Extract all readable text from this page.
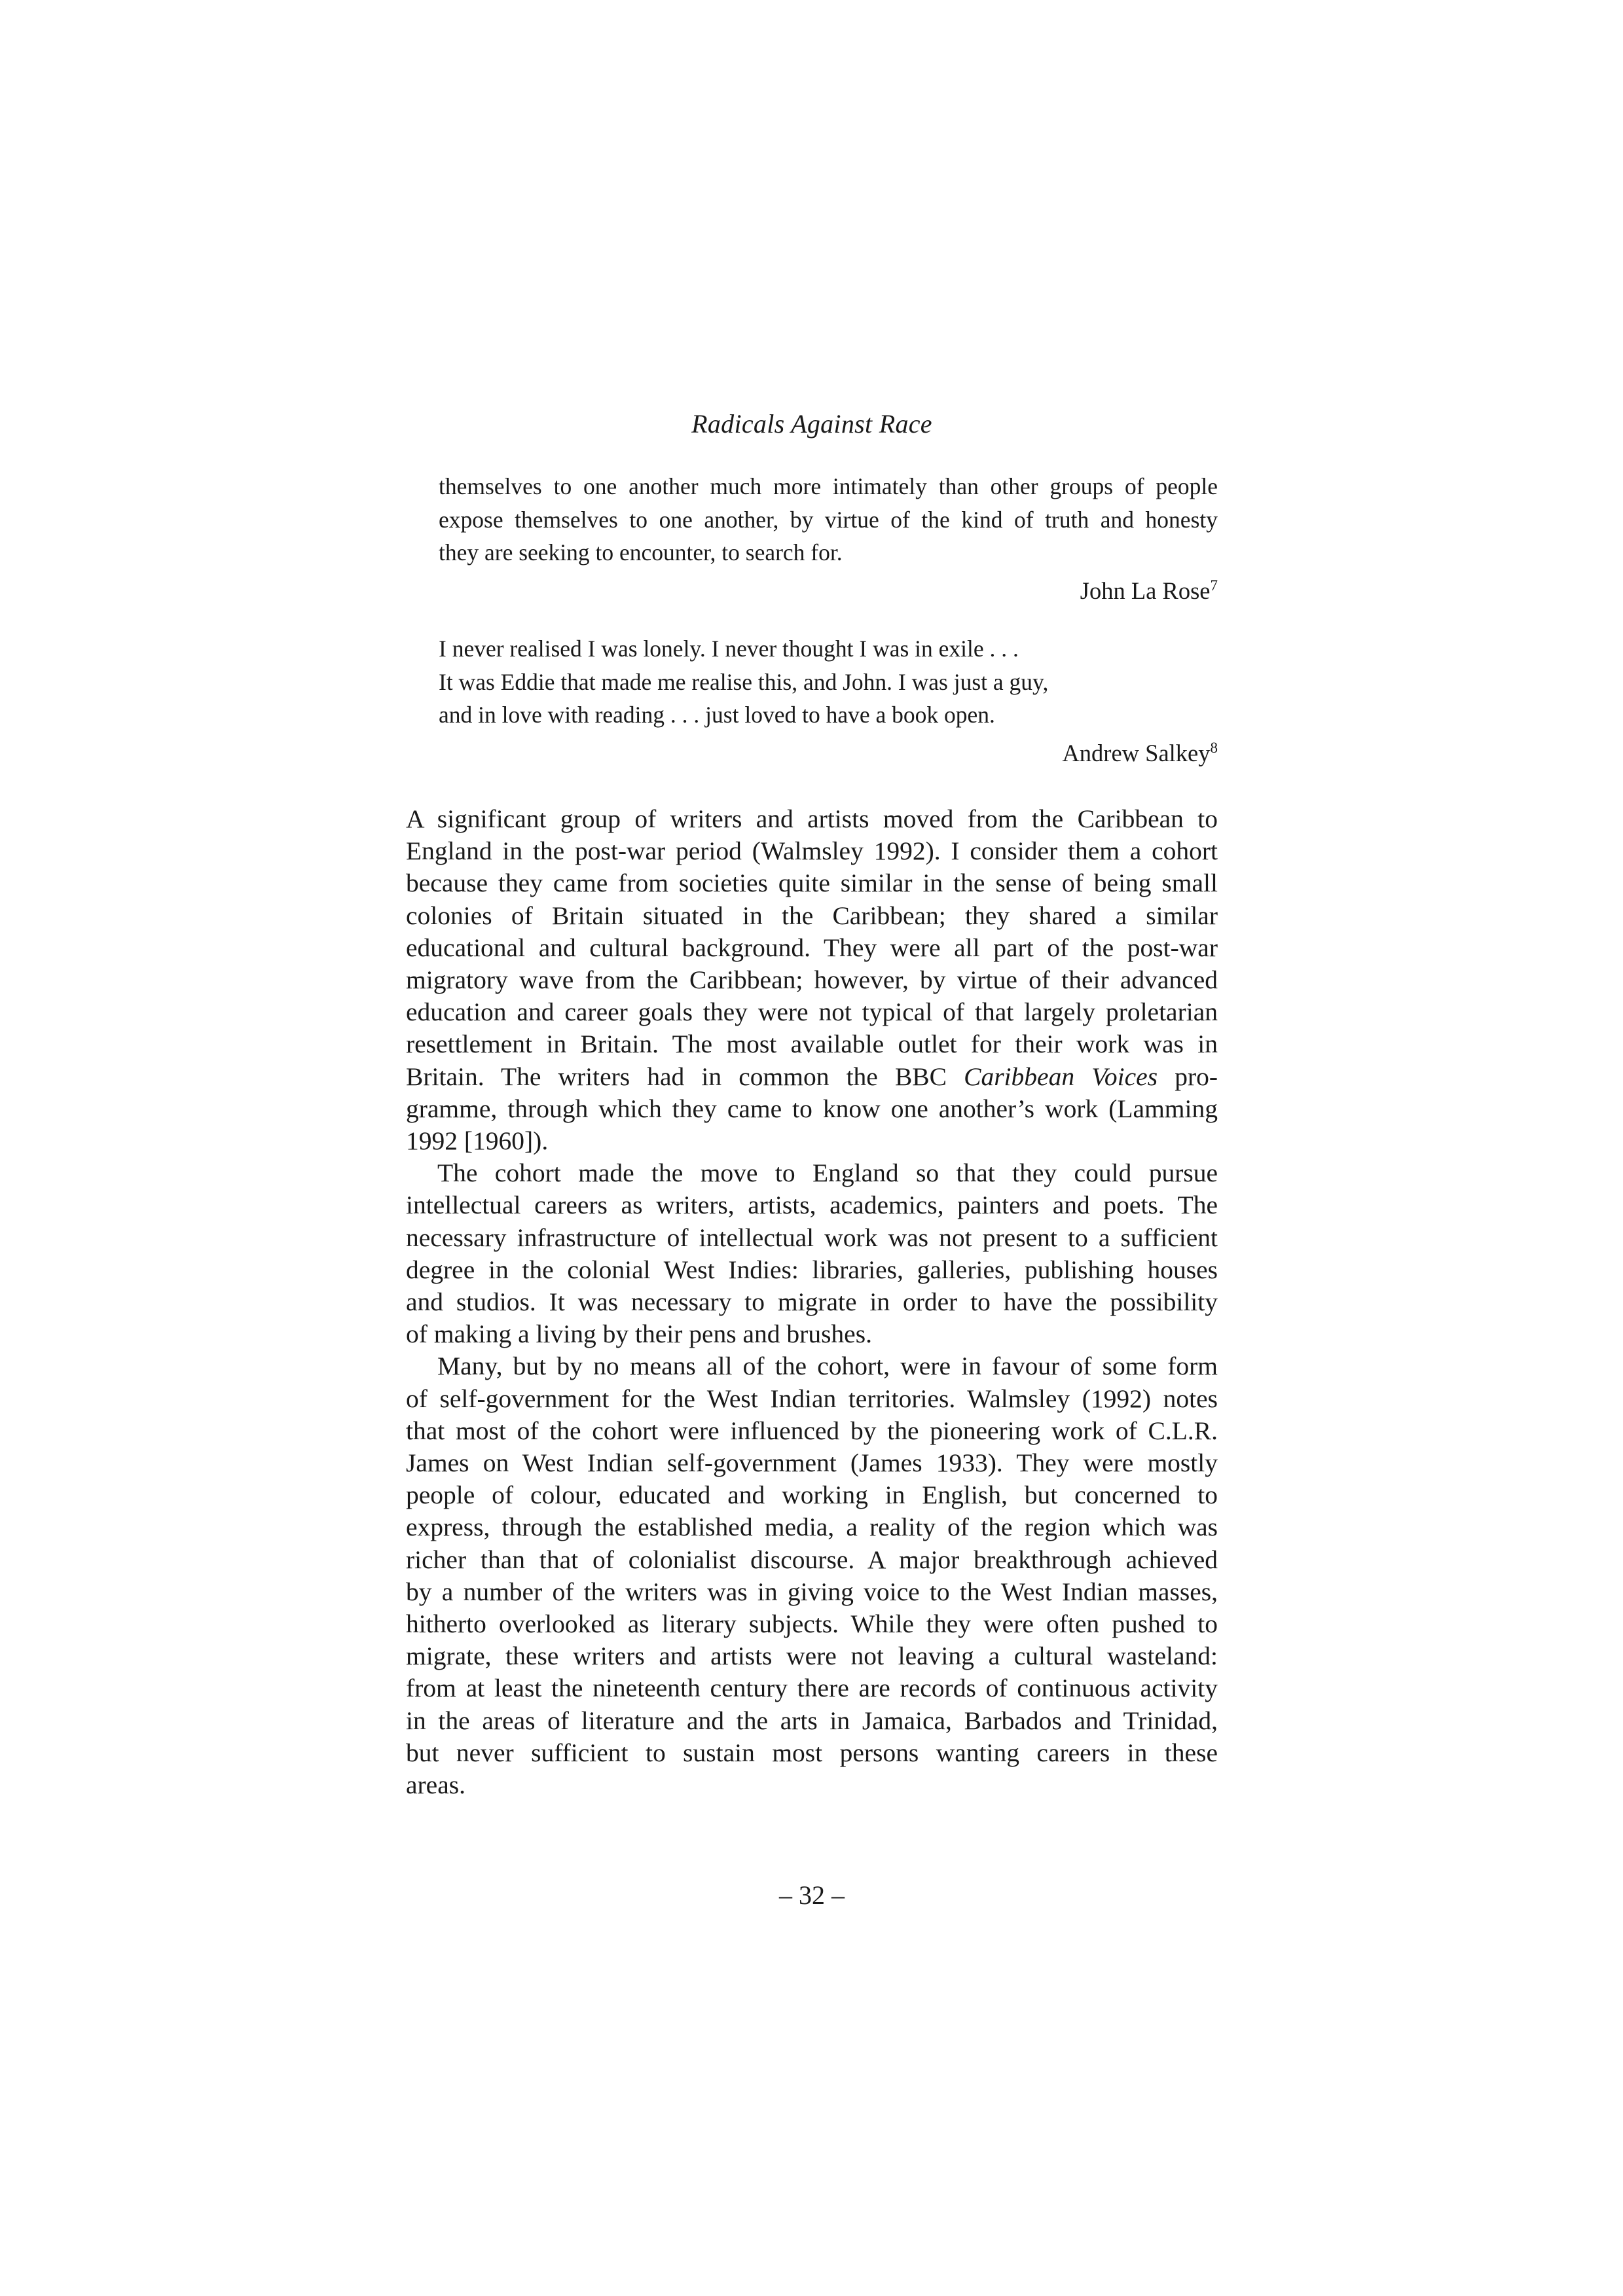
Radicals Against Race

themselves to one another much more intimately than other groups of people
expose themselves to one another, by virtue of the kind of truth and honesty
they are seeking to encounter, to search for.

John La Rose$^7$

I never realised I was lonely. I never thought I was in exile . . .
It was Eddie that made me realise this, and John. I was just a guy,
and in love with reading . . . just loved to have a book open.

Andrew Salkey$^8$

A significant group of writers and artists moved from the Caribbean to
England in the post-war period (Walmsley 1992). I consider them a cohort
because they came from societies quite similar in the sense of being small
colonies of Britain situated in the Caribbean; they shared a similar
educational and cultural background. They were all part of the post-war
migratory wave from the Caribbean; however, by virtue of their advanced
education and career goals they were not typical of that largely proletarian
resettlement in Britain. The most available outlet for their work was in
Britain. The writers had in common the BBC Caribbean Voices pro-
gramme, through which they came to know one another’s work (Lamming
1992 [1960]).

The cohort made the move to England so that they could pursue
intellectual careers as writers, artists, academics, painters and poets. The
necessary infrastructure of intellectual work was not present to a sufficient
degree in the colonial West Indies: libraries, galleries, publishing houses
and studios. It was necessary to migrate in order to have the possibility
of making a living by their pens and brushes.

Many, but by no means all of the cohort, were in favour of some form
of self-government for the West Indian territories. Walmsley (1992) notes
that most of the cohort were influenced by the pioneering work of C.L.R.
James on West Indian self-government (James 1933). They were mostly
people of colour, educated and working in English, but concerned to
express, through the established media, a reality of the region which was
richer than that of colonialist discourse. A major breakthrough achieved
by a number of the writers was in giving voice to the West Indian masses,
hitherto overlooked as literary subjects. While they were often pushed to
migrate, these writers and artists were not leaving a cultural wasteland:
from at least the nineteenth century there are records of continuous activity
in the areas of literature and the arts in Jamaica, Barbados and Trinidad,
but never sufficient to sustain most persons wanting careers in these
areas.

– 32 –
